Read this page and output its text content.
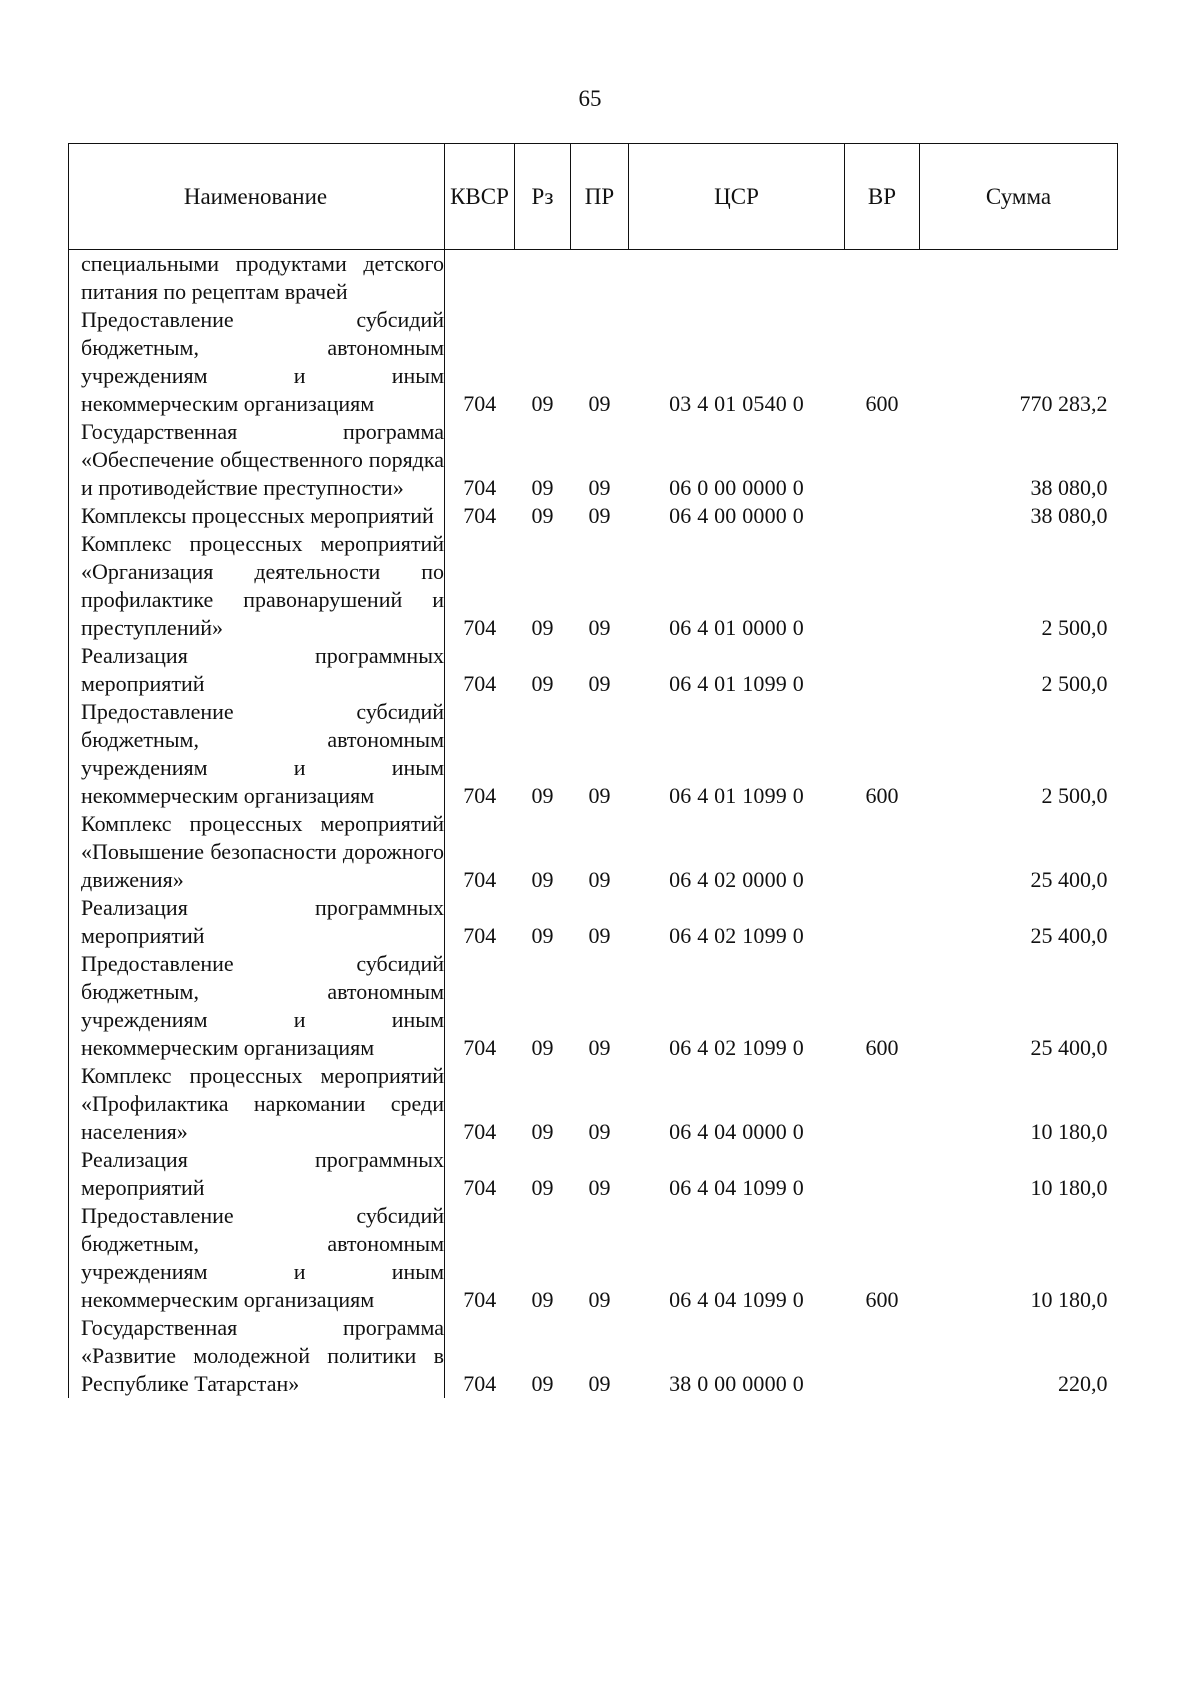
65
Наименование	КВСР	Рз	ПР	ЦСР	ВР	Сумма
специальными продуктами детского питания по рецептам врачей						
Предоставление субсидий бюджетным, автономным учреждениям и иным некоммерческим организациям	704	09	09	03 4 01 0540 0	600	770 283,2
Государственная программа «Обеспечение общественного порядка и противодействие преступности»	704	09	09	06 0 00 0000 0		38 080,0
Комплексы процессных мероприятий	704	09	09	06 4 00 0000 0		38 080,0
Комплекс процессных мероприятий «Организация деятельности по профилактике правонарушений и преступлений»	704	09	09	06 4 01 0000 0		2 500,0
Реализация программных мероприятий	704	09	09	06 4 01 1099 0		2 500,0
Предоставление субсидий бюджетным, автономным учреждениям и иным некоммерческим организациям	704	09	09	06 4 01 1099 0	600	2 500,0
Комплекс процессных мероприятий «Повышение безопасности дорожного движения»	704	09	09	06 4 02 0000 0		25 400,0
Реализация программных мероприятий	704	09	09	06 4 02 1099 0		25 400,0
Предоставление субсидий бюджетным, автономным учреждениям и иным некоммерческим организациям	704	09	09	06 4 02 1099 0	600	25 400,0
Комплекс процессных мероприятий «Профилактика наркомании среди населения»	704	09	09	06 4 04 0000 0		10 180,0
Реализация программных мероприятий	704	09	09	06 4 04 1099 0		10 180,0
Предоставление субсидий бюджетным, автономным учреждениям и иным некоммерческим организациям	704	09	09	06 4 04 1099 0	600	10 180,0
Государственная программа «Развитие молодежной политики в Республике Татарстан»	704	09	09	38 0 00 0000 0		220,0
